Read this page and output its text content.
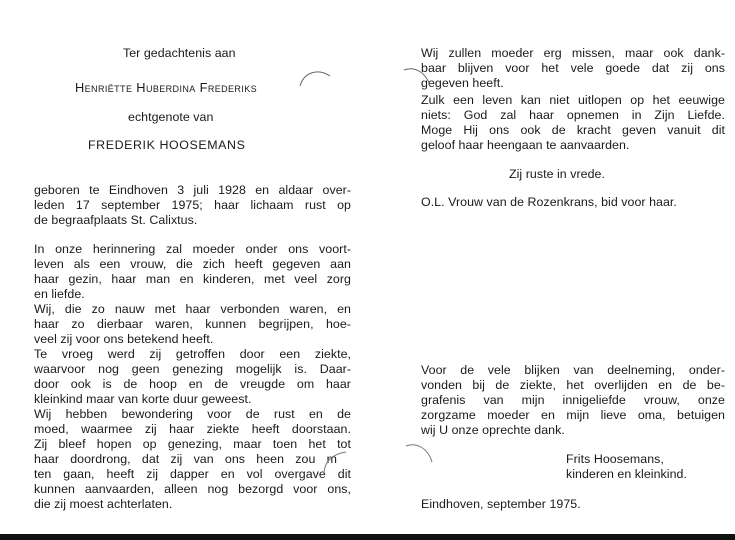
Ter gedachtenis aan
Henriëtte Huberdina Frederiks
echtgenote van
FREDERIK HOOSEMANS
geboren te Eindhoven 3 juli 1928 en aldaar over-
leden 17 september 1975; haar lichaam rust op
de begraafplaats St. Calixtus.
In onze herinnering zal moeder onder ons voort-
leven als een vrouw, die zich heeft gegeven aan
haar gezin, haar man en kinderen, met veel zorg
en liefde.
Wij, die zo nauw met haar verbonden waren, en
haar zo dierbaar waren, kunnen begrijpen, hoe-
veel zij voor ons betekend heeft.
Te vroeg werd zij getroffen door een ziekte,
waarvoor nog geen genezing mogelijk is. Daar-
door ook is de hoop en de vreugde om haar
kleinkind maar van korte duur geweest.
Wij hebben bewondering voor de rust en de
moed, waarmee zij haar ziekte heeft doorstaan.
Zij bleef hopen op genezing, maar toen het tot
haar doordrong, dat zij van ons heen zou m
ten gaan, heeft zij dapper en vol overgave dit
kunnen aanvaarden, alleen nog bezorgd voor ons,
die zij moest achterlaten.
Wij zullen moeder erg missen, maar ook dank-
baar blijven voor het vele goede dat zij ons
gegeven heeft.
Zulk een leven kan niet uitlopen op het eeuwige
niets: God zal haar opnemen in Zijn Liefde.
Moge Hij ons ook de kracht geven vanuit dit
geloof haar heengaan te aanvaarden.
Zij ruste in vrede.
O.L. Vrouw van de Rozenkrans, bid voor haar.
Voor de vele blijken van deelneming, onder-
vonden bij de ziekte, het overlijden en de be-
grafenis van mijn innigeliefde vrouw, onze
zorgzame moeder en mijn lieve oma, betuigen
wij U onze oprechte dank.
Frits Hoosemans,
kinderen en kleinkind.
Eindhoven, september 1975.
